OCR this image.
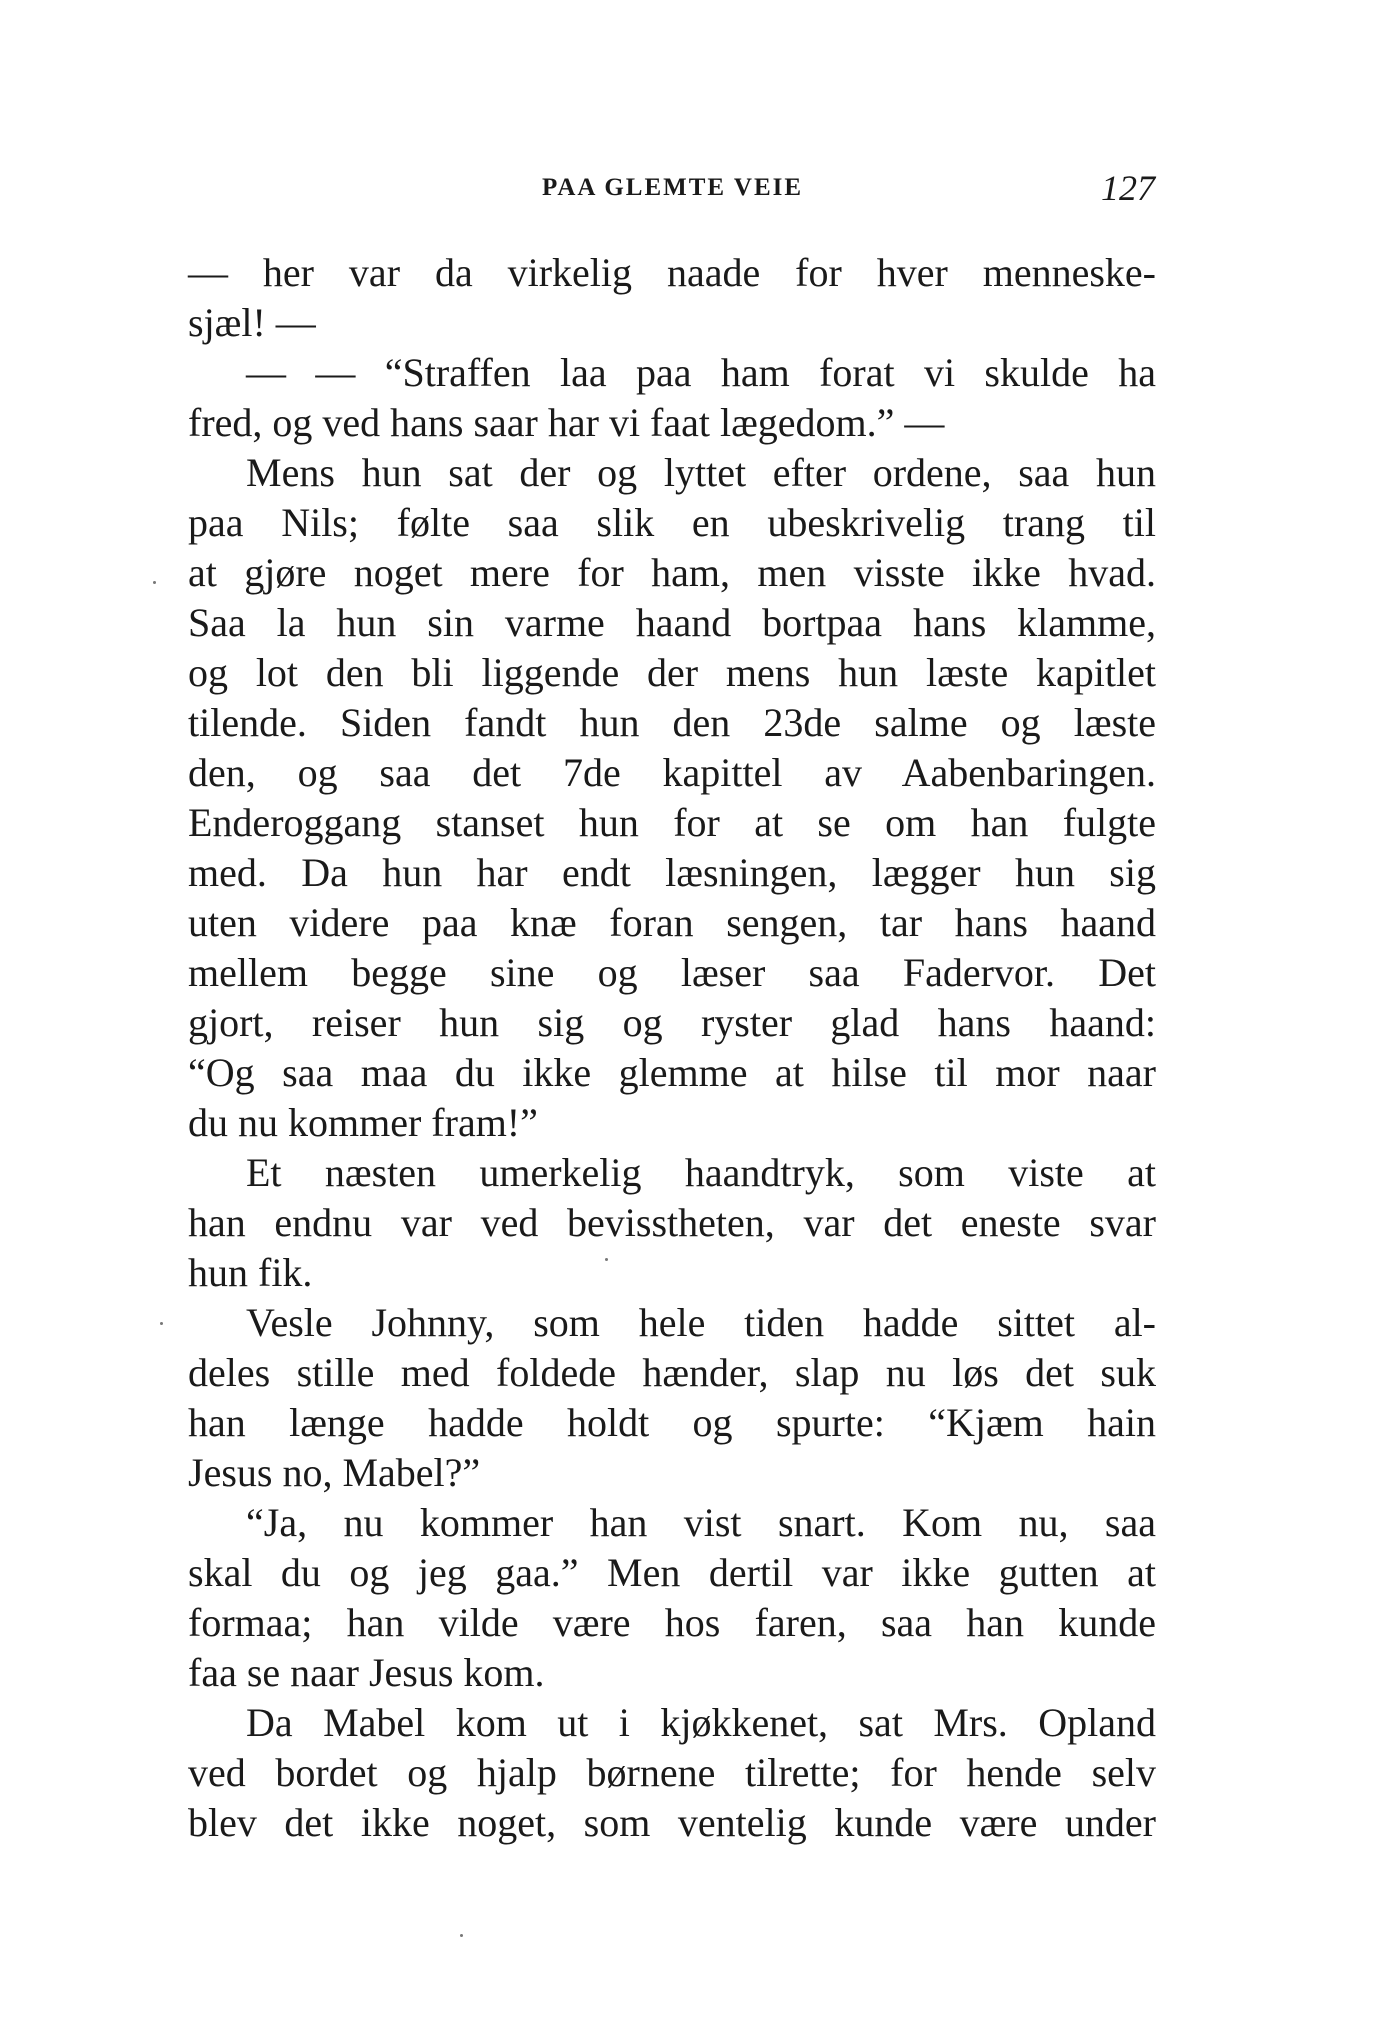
PAA GLEMTE VEIE	127
— her var da virkelig naade for hver menneske-
sjæl! —
— — “Straffen laa paa ham forat vi skulde ha
fred, og ved hans saar har vi faat lægedom.” —
Mens hun sat der og lyttet efter ordene, saa hun
paa Nils; følte saa slik en ubeskrivelig trang til
at gjøre noget mere for ham, men visste ikke hvad.
Saa la hun sin varme haand bortpaa hans klamme,
og lot den bli liggende der mens hun læste kapitlet
tilende. Siden fandt hun den 23de salme og læste
den, og saa det 7de kapittel av Aabenbaringen.
Enderoggang stanset hun for at se om han fulgte
med. Da hun har endt læsningen, lægger hun sig
uten videre paa knæ foran sengen, tar hans haand
mellem begge sine og læser saa Fadervor. Det
gjort, reiser hun sig og ryster glad hans haand:
“Og saa maa du ikke glemme at hilse til mor naar
du nu kommer fram!”
Et næsten umerkelig haandtryk, som viste at
han endnu var ved bevisstheten, var det eneste svar
hun fik.
Vesle Johnny, som hele tiden hadde sittet al-
deles stille med foldede hænder, slap nu løs det suk
han længe hadde holdt og spurte: “Kjæm hain
Jesus no, Mabel?”
“Ja, nu kommer han vist snart. Kom nu, saa
skal du og jeg gaa.” Men dertil var ikke gutten at
formaa; han vilde være hos faren, saa han kunde
faa se naar Jesus kom.
Da Mabel kom ut i kjøkkenet, sat Mrs. Opland
ved bordet og hjalp børnene tilrette; for hende selv
blev det ikke noget, som ventelig kunde være under
